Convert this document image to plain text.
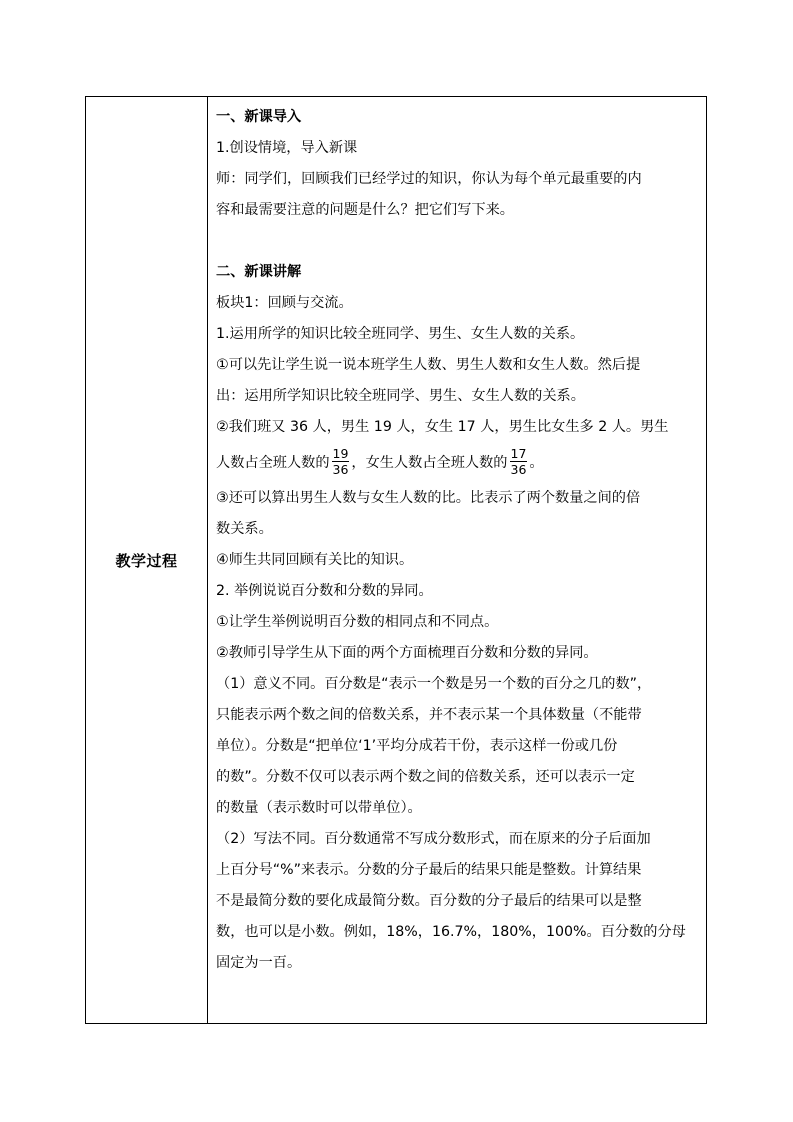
教学过程
一、新课导入
1.创设情境，导入新课
师：同学们，回顾我们已经学过的知识，你认为每个单元最重要的内
容和最需要注意的问题是什么？把它们写下来。
二、新课讲解
板块1：回顾与交流。
1.运用所学的知识比较全班同学、男生、女生人数的关系。
①可以先让学生说一说本班学生人数、男生人数和女生人数。然后提
出：运用所学知识比较全班同学、男生、女生人数的关系。
②我们班又 36 人，男生 19 人，女生 17 人，男生比女生多 2 人。男生
人数占全班人数的 $\frac{19}{36}$ ，女生人数占全班人数的 $\frac{17}{36}$ 。
③还可以算出男生人数与女生人数的比。比表示了两个数量之间的倍
数关系。
④师生共同回顾有关比的知识。
2. 举例说说百分数和分数的异同。
①让学生举例说明百分数的相同点和不同点。
②教师引导学生从下面的两个方面梳理百分数和分数的异同。
（1）意义不同。百分数是“表示一个数是另一个数的百分之几的数”，
只能表示两个数之间的倍数关系，并不表示某一个具体数量（不能带
单位）。分数是“把单位‘1’平均分成若干份，表示这样一份或几份
的数”。分数不仅可以表示两个数之间的倍数关系，还可以表示一定
的数量（表示数时可以带单位）。
（2）写法不同。百分数通常不写成分数形式，而在原来的分子后面加
上百分号“%”来表示。分数的分子最后的结果只能是整数。计算结果
不是最简分数的要化成最简分数。百分数的分子最后的结果可以是整
数，也可以是小数。例如，18%，16.7%，180%，100%。百分数的分母
固定为一百。
